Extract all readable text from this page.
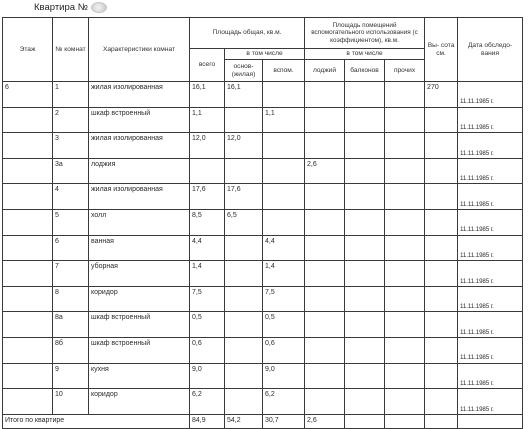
Квартира №
Этаж	№ комнат	Характеристики комнат	Площадь общая, кв.м.			Площадь помещений вспомогательного использования (с коэффициентом), кв.м.			Вы- сота см.	Дата обследо- вания
			всего	в том числе		в том числе				
				основ- (жилая)	вспом.	лоджий	балконов	прочих		
6	1	жилая изолированная	16,1	16,1					270	11.11.1985 г.
	2	шкаф встроенный	1,1		1,1					11.11.1985 г.
	3	жилая изолированная	12,0	12,0						11.11.1985 г.
	3а	лоджия				2,6				11.11.1985 г.
	4	жилая изолированная	17,6	17,6						11.11.1985 г.
	5	холл	8,5	6,5						11.11.1985 г.
	6	ванная	4,4		4,4					11.11.1985 г.
	7	уборная	1,4		1,4					11.11.1985 г.
	8	коридор	7,5		7,5					11.11.1985 г.
	8а	шкаф встроенный	0,5		0,5					11.11.1985 г.
	8б	шкаф встроенный	0,6		0,6					11.11.1985 г.
	9	кухня	9,0		9,0					11.11.1985 г.
	10	коридор	6,2		6,2					11.11.1985 г.
Итого по квартире			84,9	54,2	30,7	2,6				
